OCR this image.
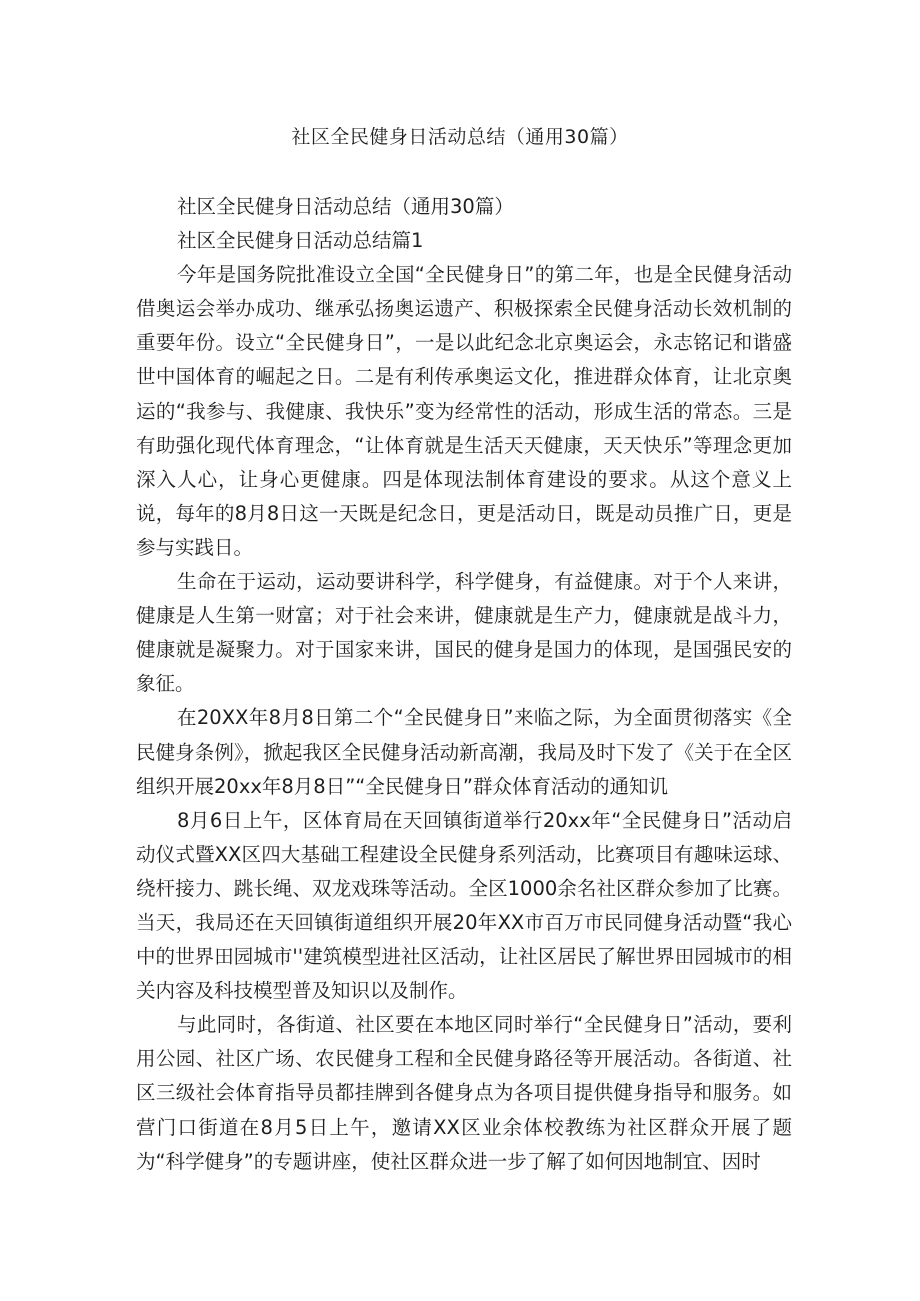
社区全民健身日活动总结（通用30篇）

社区全民健身日活动总结（通用30篇）

社区全民健身日活动总结篇1

今年是国务院批准设立全国“全民健身日”的第二年，也是全民健身活动借奥运会举办成功、继承弘扬奥运遗产、积极探索全民健身活动长效机制的重要年份。设立“全民健身日”，一是以此纪念北京奥运会，永志铭记和谐盛世中国体育的崛起之日。二是有利传承奥运文化，推进群众体育，让北京奥运的“我参与、我健康、我快乐”变为经常性的活动，形成生活的常态。三是有助强化现代体育理念，“让体育就是生活天天健康，天天快乐”等理念更加深入人心，让身心更健康。四是体现法制体育建设的要求。从这个意义上说，每年的8月8日这一天既是纪念日，更是活动日，既是动员推广日，更是参与实践日。

生命在于运动，运动要讲科学，科学健身，有益健康。对于个人来讲，健康是人生第一财富；对于社会来讲，健康就是生产力，健康就是战斗力，健康就是凝聚力。对于国家来讲，国民的健身是国力的体现，是国强民安的象征。

在20XX年8月8日第二个“全民健身日”来临之际，为全面贯彻落实《全民健身条例》，掀起我区全民健身活动新高潮，我局及时下发了《关于在全区组织开展20xx年8月8日”“全民健身日”群众体育活动的通知讥

8月6日上午，区体育局在天回镇街道举行20xx年“全民健身日”活动启动仪式暨XX区四大基础工程建设全民健身系列活动，比赛项目有趣味运球、绕杆接力、跳长绳、双龙戏珠等活动。全区1000余名社区群众参加了比赛。当天，我局还在天回镇街道组织开展20年XX市百万市民同健身活动暨“我心中的世界田园城市''建筑模型进社区活动，让社区居民了解世界田园城市的相关内容及科技模型普及知识以及制作。

与此同时，各街道、社区要在本地区同时举行“全民健身日”活动，要利用公园、社区广场、农民健身工程和全民健身路径等开展活动。各街道、社区三级社会体育指导员都挂牌到各健身点为各项目提供健身指导和服务。如营门口街道在8月5日上午，邀请XX区业余体校教练为社区群众开展了题为“科学健身”的专题讲座，使社区群众进一步了解了如何因地制宜、因时
